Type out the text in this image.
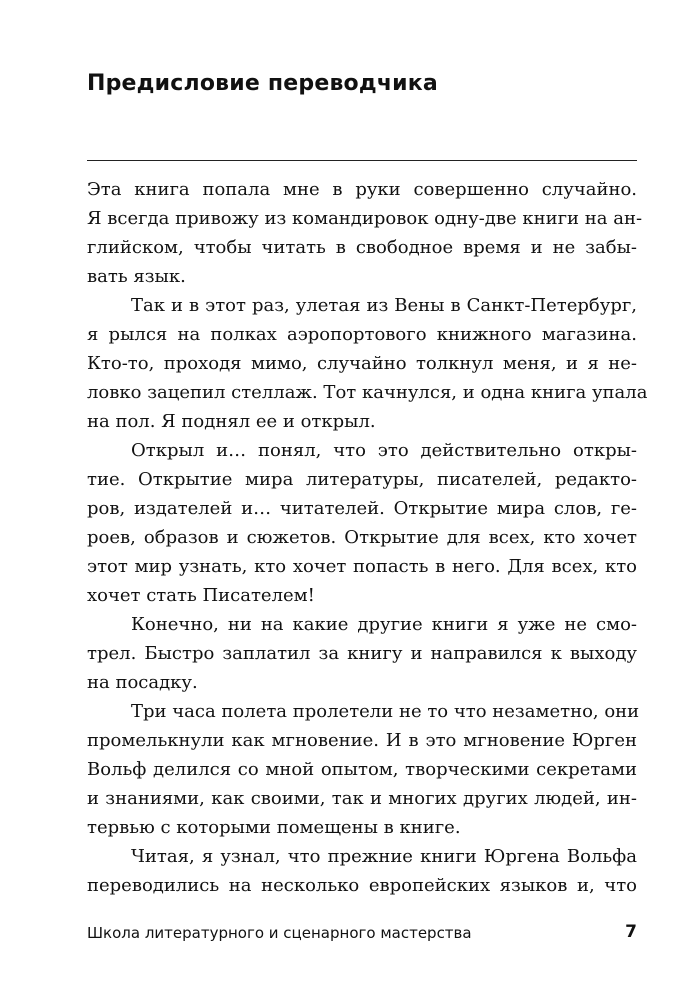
Предисловие переводчика
Эта книга попала мне в руки совершенно случайно.
Я всегда привожу из командировок одну-две книги на ан-
глийском, чтобы читать в свободное время и не забы-
вать язык.
Так и в этот раз, улетая из Вены в Санкт-Петербург,
я рылся на полках аэропортового книжного магазина.
Кто-то, проходя мимо, случайно толкнул меня, и я не-
ловко зацепил стеллаж. Тот качнулся, и одна книга упала
на пол. Я поднял ее и открыл.
Открыл и… понял, что это действительно откры-
тие. Открытие мира литературы, писателей, редакто-
ров, издателей и… читателей. Открытие мира слов, ге-
роев, образов и сюжетов. Открытие для всех, кто хочет
этот мир узнать, кто хочет попасть в него. Для всех, кто
хочет стать Писателем!
Конечно, ни на какие другие книги я уже не смо-
трел. Быстро заплатил за книгу и направился к выходу
на посадку.
Три часа полета пролетели не то что незаметно, они
промелькнули как мгновение. И в это мгновение Юрген
Вольф делился со мной опытом, творческими секретами
и знаниями, как своими, так и многих других людей, ин-
тервью с которыми помещены в книге.
Читая, я узнал, что прежние книги Юргена Вольфа
переводились на несколько европейских языков и, что
Школа литературного и сценарного мастерства	7
